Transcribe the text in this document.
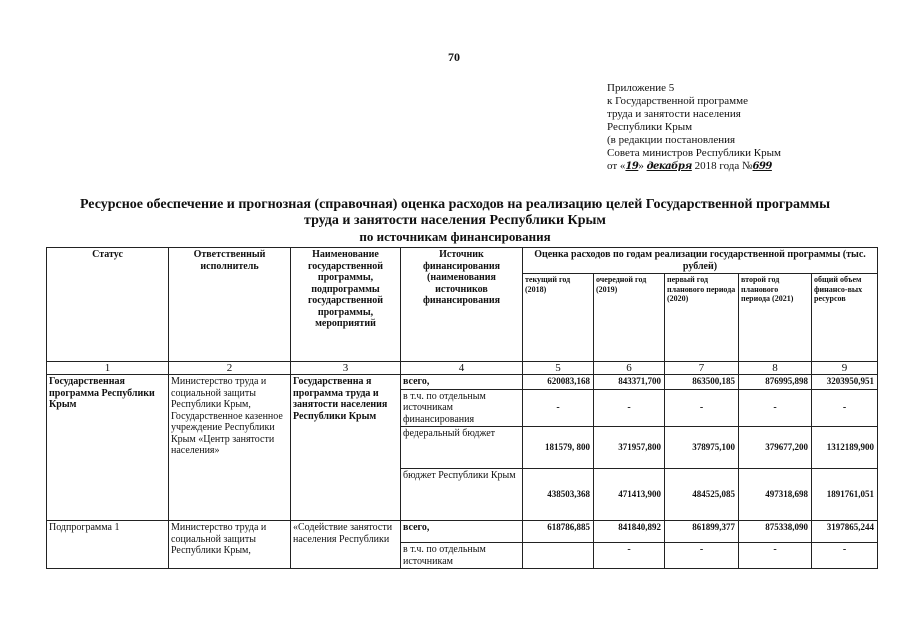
70
Приложение 5
к Государственной программе
труда и занятости населения
Республики Крым
(в редакции постановления
Совета министров Республики Крым
от «19» декабря 2018 года №699
Ресурсное обеспечение и прогнозная (справочная) оценка расходов на реализацию целей Государственной программы
труда и занятости населения Республики Крым
по источникам финансирования
Статус	Ответственный исполнитель	Наименование государственной программы, подпрограммы государственной программы, мероприятий	Источник финансирования (наименования источников финансирования	Оценка расходов по годам реализации государственной программы (тыс. рублей)				
				текущий год (2018)	очередной год (2019)	первый год планового периода (2020)	второй год планового периода (2021)	общий объем финансо-вых ресурсов
1	2	3	4	5	6	7	8	9
Государственная программа Республики Крым	Министерство труда и социальной защиты Республики Крым, Государственное казенное учреждение Республики Крым «Центр занятости населения»	Государственна я программа труда и занятости населения Республики Крым	всего,	620083,168	843371,700	863500,185	876995,898	3203950,951
			в т.ч. по отдельным источникам финансирования	-	-	-	-	-
			федеральный бюджет	181579, 800	371957,800	378975,100	379677,200	1312189,900
			бюджет Республики Крым	438503,368	471413,900	484525,085	497318,698	1891761,051
Подпрограмма 1	Министерство труда и социальной защиты Республики Крым,	«Содействие занятости населения Республики	всего,	618786,885	841840,892	861899,377	875338,090	3197865,244
			в т.ч. по отдельным источникам		-	-	-	-
